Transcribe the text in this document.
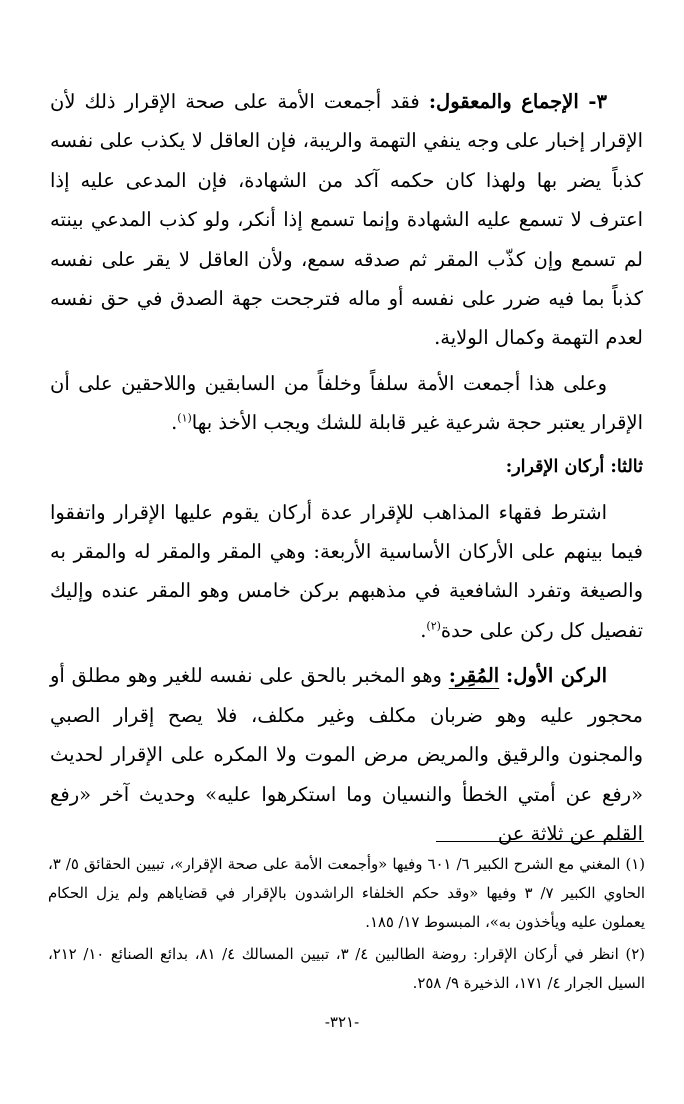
٣- الإجماع والمعقول: فقد أجمعت الأمة على صحة الإقرار ذلك لأن الإقرار إخبار على وجه ينفي التهمة والريبة، فإن العاقل لا يكذب على نفسه كذباً يضر بها ولهذا كان حكمه آكد من الشهادة، فإن المدعى عليه إذا اعترف لا تسمع عليه الشهادة وإنما تسمع إذا أنكر، ولو كذب المدعي بينته لم تسمع وإن كذّب المقر ثم صدقه سمع، ولأن العاقل لا يقر على نفسه كذباً بما فيه ضرر على نفسه أو ماله فترجحت جهة الصدق في حق نفسه لعدم التهمة وكمال الولاية.

وعلى هذا أجمعت الأمة سلفاً وخلفاً من السابقين واللاحقين على أن الإقرار يعتبر حجة شرعية غير قابلة للشك ويجب الأخذ بها$^{(١)}$.

ثالثا: أركان الإقرار:

اشترط فقهاء المذاهب للإقرار عدة أركان يقوم عليها الإقرار واتفقوا فيما بينهم على الأركان الأساسية الأربعة: وهي المقر والمقر له والمقر به والصيغة وتفرد الشافعية في مذهبهم بركن خامس وهو المقر عنده وإليك تفصيل كل ركن على حدة$^{(٢)}$.

الركن الأول: المُقِر: وهو المخبر بالحق على نفسه للغير وهو مطلق أو محجور عليه وهو ضربان مكلف وغير مكلف، فلا يصح إقرار الصبي والمجنون والرقيق والمريض مرض الموت ولا المكره على الإقرار لحديث «رفع عن أمتي الخطأ والنسيان وما استكرهوا عليه» وحديث آخر «رفع القلم عن ثلاثة عن

(١) المغني مع الشرح الكبير ٦/ ٦٠١ وفيها «وأجمعت الأمة على صحة الإقرار»، تبيين الحقائق ٥/ ٣، الحاوي الكبير ٧/ ٣ وفيها «وقد حكم الخلفاء الراشدون بالإقرار في قضاياهم ولم يزل الحكام يعملون عليه ويأخذون به»، المبسوط ١٧/ ١٨٥.

(٢) انظر في أركان الإقرار: روضة الطالبين ٤/ ٣، تبيين المسالك ٤/ ٨١، بدائع الصنائع ١٠/ ٢١٢، السيل الجرار ٤/ ١٧١، الذخيرة ٩/ ٢٥٨.

-٣٢١-
